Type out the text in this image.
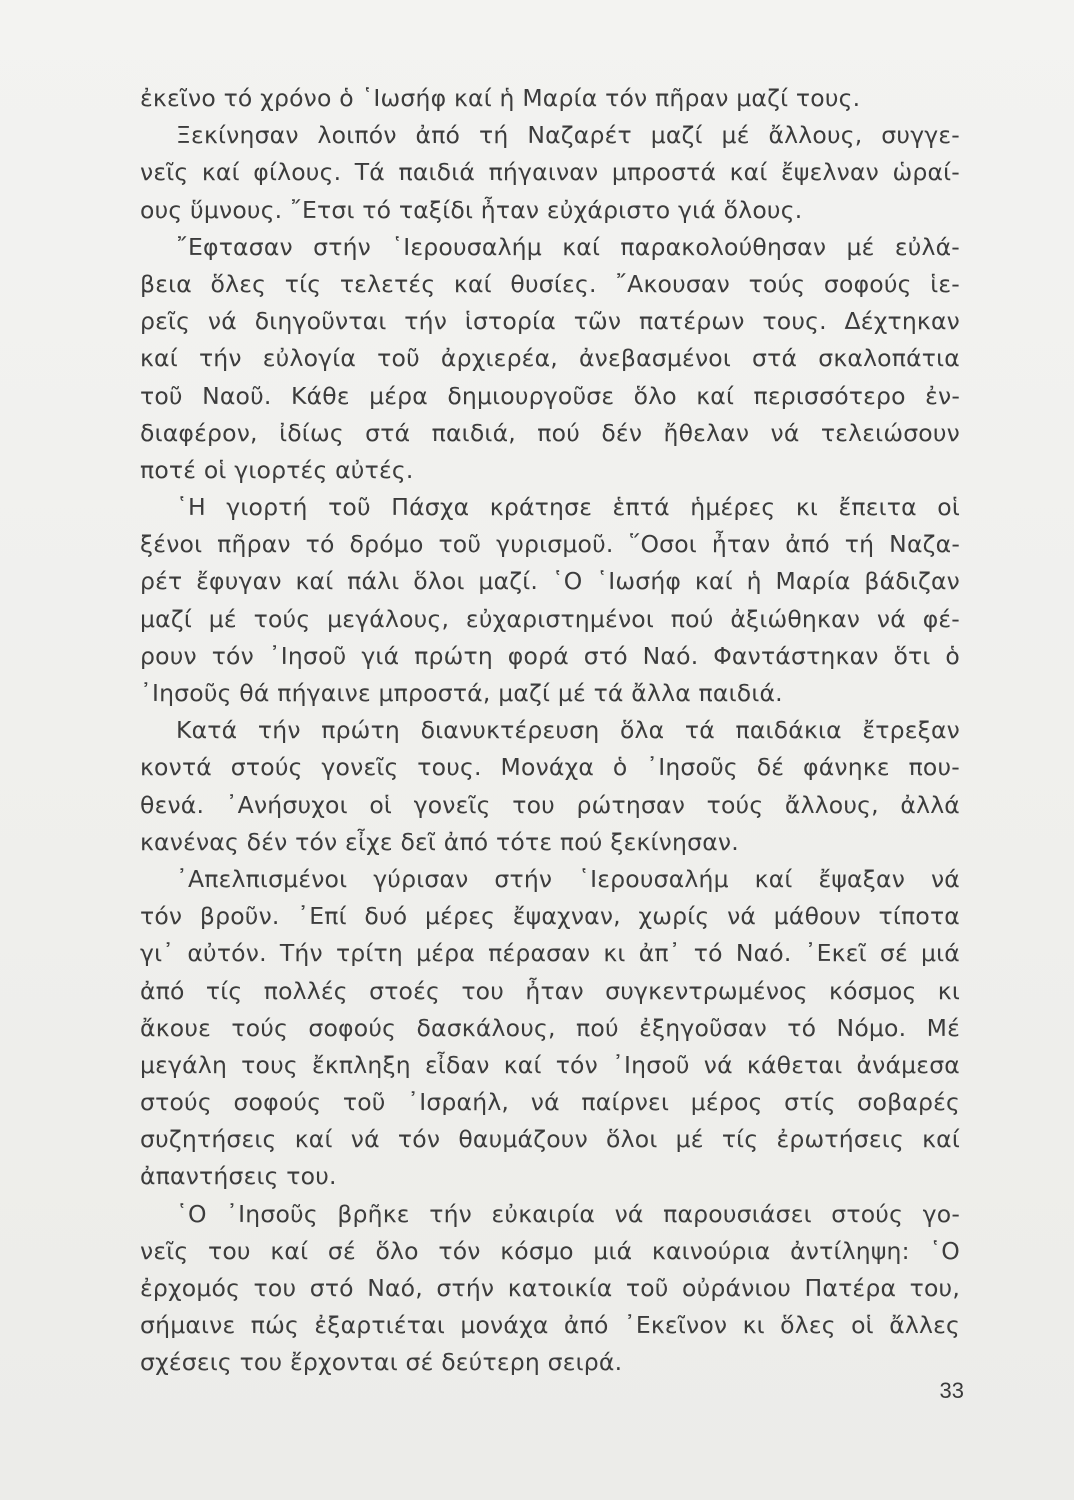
ἐκεῖνο τό χρόνο ὁ ῾Ιωσήφ καί ἡ Μαρία τόν πῆραν μαζί τους.
Ξεκίνησαν λοιπόν ἀπό τή Ναζαρέτ μαζί μέ ἄλλους, συγγε-
νεῖς καί φίλους. Τά παιδιά πήγαιναν μπροστά καί ἔψελναν ὡραί-
ους ὕμνους. ῎Ετσι τό ταξίδι ἦταν εὐχάριστο γιά ὅλους.
῎Εφτασαν στήν ῾Ιερουσαλήμ καί παρακολούθησαν μέ εὐλά-
βεια ὅλες τίς τελετές καί θυσίες. ῎Ακουσαν τούς σοφούς ἱε-
ρεῖς νά διηγοῦνται τήν ἱστορία τῶν πατέρων τους. Δέχτηκαν
καί τήν εὐλογία τοῦ ἀρχιερέα, ἀνεβασμένοι στά σκαλοπάτια
τοῦ Ναοῦ. Κάθε μέρα δημιουργοῦσε ὅλο καί περισσότερο ἐν-
διαφέρον, ἰδίως στά παιδιά, πού δέν ἤθελαν νά τελειώσουν
ποτέ οἱ γιορτές αὐτές.
῾Η γιορτή τοῦ Πάσχα κράτησε ἑπτά ἡμέρες κι ἔπειτα οἱ
ξένοι πῆραν τό δρόμο τοῦ γυρισμοῦ. ῞Οσοι ἦταν ἀπό τή Ναζα-
ρέτ ἔφυγαν καί πάλι ὅλοι μαζί. ῾Ο ῾Ιωσήφ καί ἡ Μαρία βάδιζαν
μαζί μέ τούς μεγάλους, εὐχαριστημένοι πού ἀξιώθηκαν νά φέ-
ρουν τόν ᾽Ιησοῦ γιά πρώτη φορά στό Ναό. Φαντάστηκαν ὅτι ὁ
᾽Ιησοῦς θά πήγαινε μπροστά, μαζί μέ τά ἄλλα παιδιά.
Κατά τήν πρώτη διανυκτέρευση ὅλα τά παιδάκια ἔτρεξαν
κοντά στούς γονεῖς τους. Μονάχα ὁ ᾽Ιησοῦς δέ φάνηκε που-
θενά. ᾽Ανήσυχοι οἱ γονεῖς του ρώτησαν τούς ἄλλους, ἀλλά
κανένας δέν τόν εἶχε δεῖ ἀπό τότε πού ξεκίνησαν.
᾽Απελπισμένοι γύρισαν στήν ῾Ιερουσαλήμ καί ἔψαξαν νά
τόν βροῦν. ᾽Επί δυό μέρες ἔψαχναν, χωρίς νά μάθουν τίποτα
γι᾽ αὐτόν. Τήν τρίτη μέρα πέρασαν κι ἀπ᾽ τό Ναό. ᾽Εκεῖ σέ μιά
ἀπό τίς πολλές στοές του ἦταν συγκεντρωμένος κόσμος κι
ἄκουε τούς σοφούς δασκάλους, πού ἐξηγοῦσαν τό Νόμο. Μέ
μεγάλη τους ἔκπληξη εἶδαν καί τόν ᾽Ιησοῦ νά κάθεται ἀνάμεσα
στούς σοφούς τοῦ ᾽Ισραήλ, νά παίρνει μέρος στίς σοβαρές
συζητήσεις καί νά τόν θαυμάζουν ὅλοι μέ τίς ἐρωτήσεις καί
ἀπαντήσεις του.
῾Ο ᾽Ιησοῦς βρῆκε τήν εὐκαιρία νά παρουσιάσει στούς γο-
νεῖς του καί σέ ὅλο τόν κόσμο μιά καινούρια ἀντίληψη: ῾Ο
ἐρχομός του στό Ναό, στήν κατοικία τοῦ οὐράνιου Πατέρα του,
σήμαινε πώς ἐξαρτιέται μονάχα ἀπό ᾽Εκεῖνον κι ὅλες οἱ ἄλλες
σχέσεις του ἔρχονται σέ δεύτερη σειρά.
33
